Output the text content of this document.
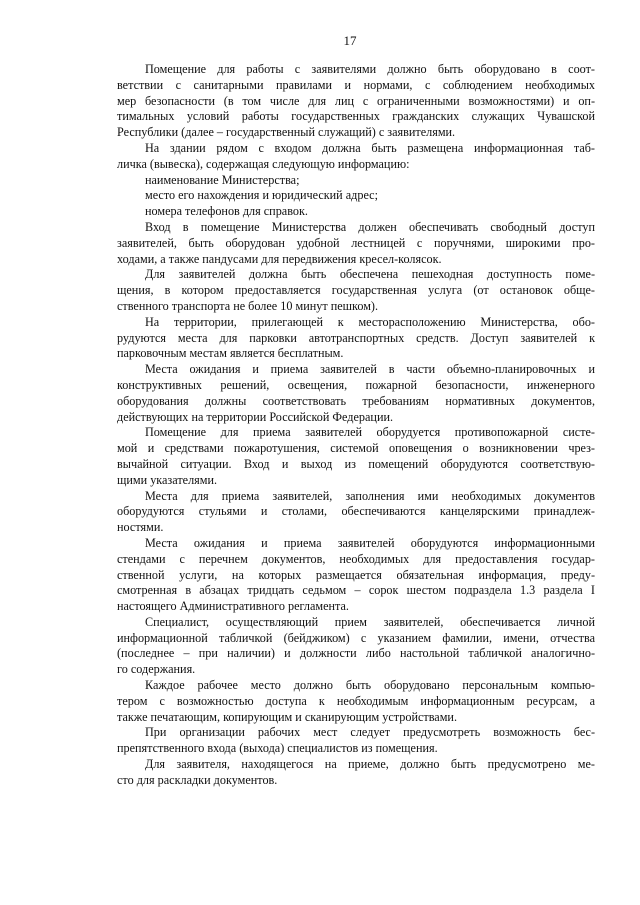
17
Помещение для работы с заявителями должно быть оборудовано в соот-
ветствии с санитарными правилами и нормами, с соблюдением необходимых
мер безопасности (в том числе для лиц с ограниченными возможностями) и оп-
тимальных условий работы государственных гражданских служащих Чувашской
Республики (далее – государственный служащий) с заявителями.
На здании рядом с входом должна быть размещена информационная таб-
личка (вывеска), содержащая следующую информацию:
наименование Министерства;
место его нахождения и юридический адрес;
номера телефонов для справок.
Вход в помещение Министерства должен обеспечивать свободный доступ
заявителей, быть оборудован удобной лестницей с поручнями, широкими про-
ходами, а также пандусами для передвижения кресел-колясок.
Для заявителей должна быть обеспечена пешеходная доступность поме-
щения, в котором предоставляется государственная услуга (от остановок обще-
ственного транспорта не более 10 минут пешком).
На территории, прилегающей к месторасположению Министерства, обо-
рудуются места для парковки автотранспортных средств. Доступ заявителей к
парковочным местам является бесплатным.
Места ожидания и приема заявителей в части объемно-планировочных и
конструктивных решений, освещения, пожарной безопасности, инженерного
оборудования должны соответствовать требованиям нормативных документов,
действующих на территории Российской Федерации.
Помещение для приема заявителей оборудуется противопожарной систе-
мой и средствами пожаротушения, системой оповещения о возникновении чрез-
вычайной ситуации. Вход и выход из помещений оборудуются соответствую-
щими указателями.
Места для приема заявителей, заполнения ими необходимых документов
оборудуются стульями и столами, обеспечиваются канцелярскими принадлеж-
ностями.
Места ожидания и приема заявителей оборудуются информационными
стендами с перечнем документов, необходимых для предоставления государ-
ственной услуги, на которых размещается обязательная информация, преду-
смотренная в абзацах тридцать седьмом – сорок шестом подраздела 1.3 раздела I
настоящего Административного регламента.
Специалист, осуществляющий прием заявителей, обеспечивается личной
информационной табличкой (бейджиком) с указанием фамилии, имени, отчества
(последнее – при наличии) и должности либо настольной табличкой аналогично-
го содержания.
Каждое рабочее место должно быть оборудовано персональным компью-
тером с возможностью доступа к необходимым информационным ресурсам, а
также печатающим, копирующим и сканирующим устройствами.
При организации рабочих мест следует предусмотреть возможность бес-
препятственного входа (выхода) специалистов из помещения.
Для заявителя, находящегося на приеме, должно быть предусмотрено ме-
сто для раскладки документов.
